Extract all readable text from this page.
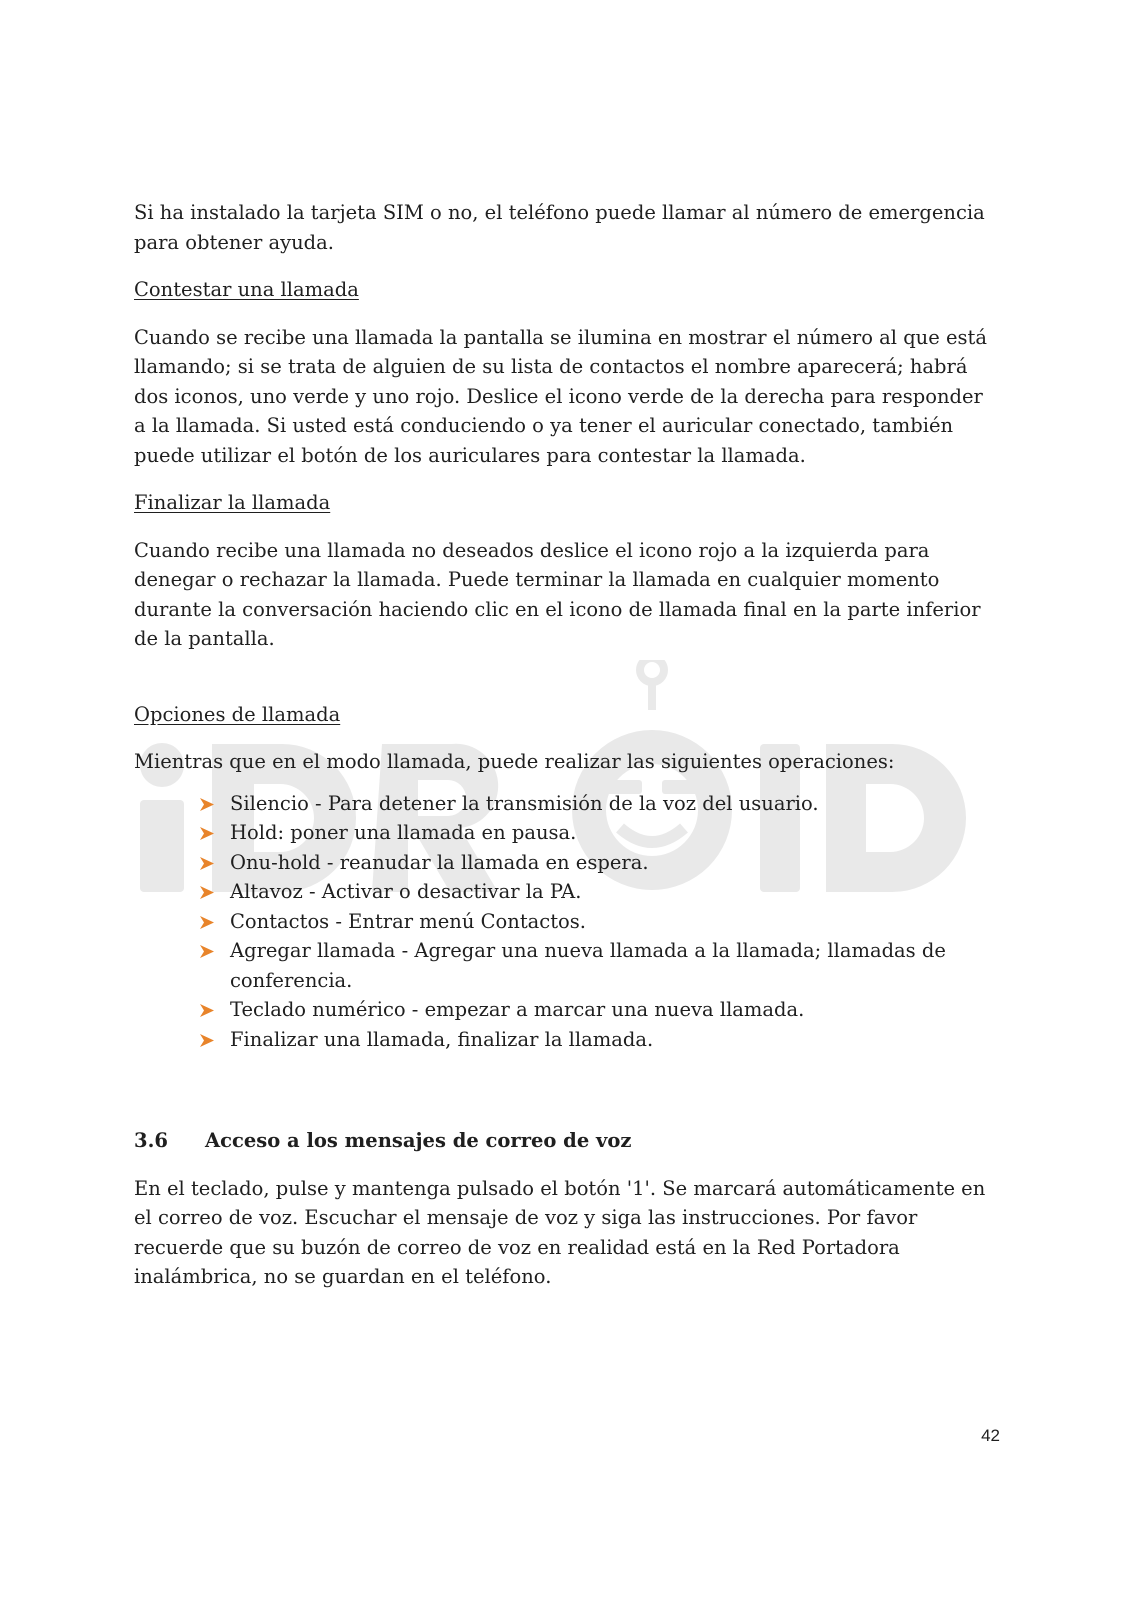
Si ha instalado la tarjeta SIM o no, el teléfono puede llamar al número de emergencia para obtener ayuda.

Contestar una llamada

Cuando se recibe una llamada la pantalla se ilumina en mostrar el número al que está llamando; si se trata de alguien de su lista de contactos el nombre aparecerá; habrá dos iconos, uno verde y uno rojo. Deslice el icono verde de la derecha para responder a la llamada. Si usted está conduciendo o ya tener el auricular conectado, también puede utilizar el botón de los auriculares para contestar la llamada.

Finalizar la llamada

Cuando recibe una llamada no deseados deslice el icono rojo a la izquierda para denegar o rechazar la llamada. Puede terminar la llamada en cualquier momento durante la conversación haciendo clic en el icono de llamada final en la parte inferior de la pantalla.

Opciones de llamada

Mientras que en el modo llamada, puede realizar las siguientes operaciones:

Silencio - Para detener la transmisión de la voz del usuario.
Hold: poner una llamada en pausa.
Onu-hold - reanudar la llamada en espera.
Altavoz - Activar o desactivar la PA.
Contactos - Entrar menú Contactos.
Agregar llamada - Agregar una nueva llamada a la llamada; llamadas de conferencia.
Teclado numérico - empezar a marcar una nueva llamada.
Finalizar una llamada, finalizar la llamada.

3.6	Acceso a los mensajes de correo de voz

En el teclado, pulse y mantenga pulsado el botón '1'. Se marcará automáticamente en el correo de voz. Escuchar el mensaje de voz y siga las instrucciones. Por favor recuerde que su buzón de correo de voz en realidad está en la Red Portadora inalámbrica, no se guardan en el teléfono.

42
